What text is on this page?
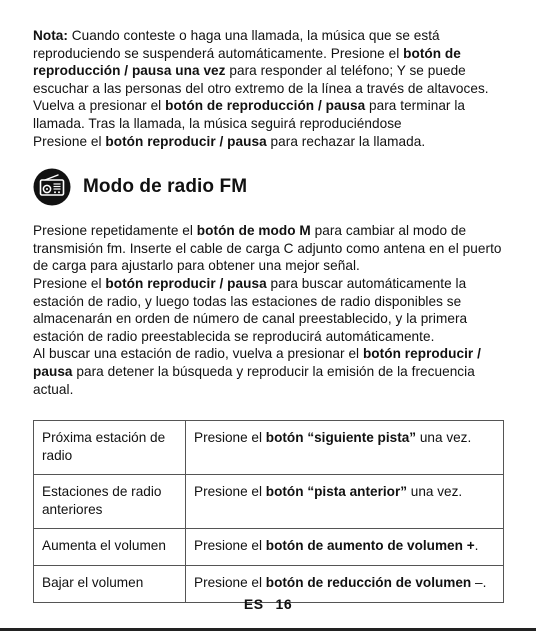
Nota: Cuando conteste o haga una llamada, la música que se está reproduciendo se suspenderá automáticamente. Presione el botón de reproducción / pausa una vez para responder al teléfono; Y se puede escuchar a las personas del otro extremo de la línea a través de altavoces. Vuelva a presionar el botón de reproducción / pausa para terminar la llamada. Tras la llamada, la música seguirá reproduciéndose
Presione el botón reproducir / pausa para rechazar la llamada.

Modo de radio FM

Presione repetidamente el botón de modo M para cambiar al modo de transmisión fm. Inserte el cable de carga C adjunto como antena en el puerto de carga para ajustarlo para obtener una mejor señal.
Presione el botón reproducir / pausa para buscar automáticamente la estación de radio, y luego todas las estaciones de radio disponibles se almacenarán en orden de número de canal preestablecido, y la primera estación de radio preestablecida se reproducirá automáticamente.
Al buscar una estación de radio, vuelva a presionar el botón reproducir / pausa para detener la búsqueda y reproducir la emisión de la frecuencia actual.

Próxima estación de radio	Presione el botón “siguiente pista” una vez.
Estaciones de radio anteriores	Presione el botón “pista anterior” una vez.
Aumenta el volumen	Presione el botón de aumento de volumen +.
Bajar el volumen	Presione el botón de reducción de volumen –.
ES 16
